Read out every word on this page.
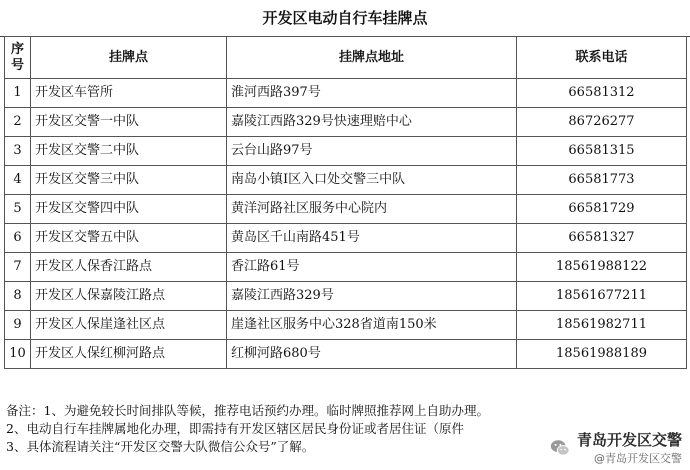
开发区电动自行车挂牌点
序号	挂牌点	挂牌点地址	联系电话
1	开发区车管所	淮河西路397号	66581312
2	开发区交警一中队	嘉陵江西路329号快速理赔中心	86726277
3	开发区交警二中队	云台山路97号	66581315
4	开发区交警三中队	南岛小镇Ⅰ区入口处交警三中队	66581773
5	开发区交警四中队	黄洋河路社区服务中心院内	66581729
6	开发区交警五中队	黄岛区千山南路451号	66581327
7	开发区人保香江路点	香江路61号	18561988122
8	开发区人保嘉陵江路点	嘉陵江西路329号	18561677211
9	开发区人保崖逢社区点	崖逢社区服务中心328省道南150米	18561982711
10	开发区人保红柳河路点	红柳河路680号	18561988189
备注：1、为避免较长时间排队等候，推荐电话预约办理。临时牌照推荐网上自助办理。
2、电动自行车挂牌属地化办理，即需持有开发区辖区居民身份证或者居住证（原件
3、具体流程请关注“开发区交警大队微信公众号”了解。	青岛开发区交警
@青岛开发区交警
